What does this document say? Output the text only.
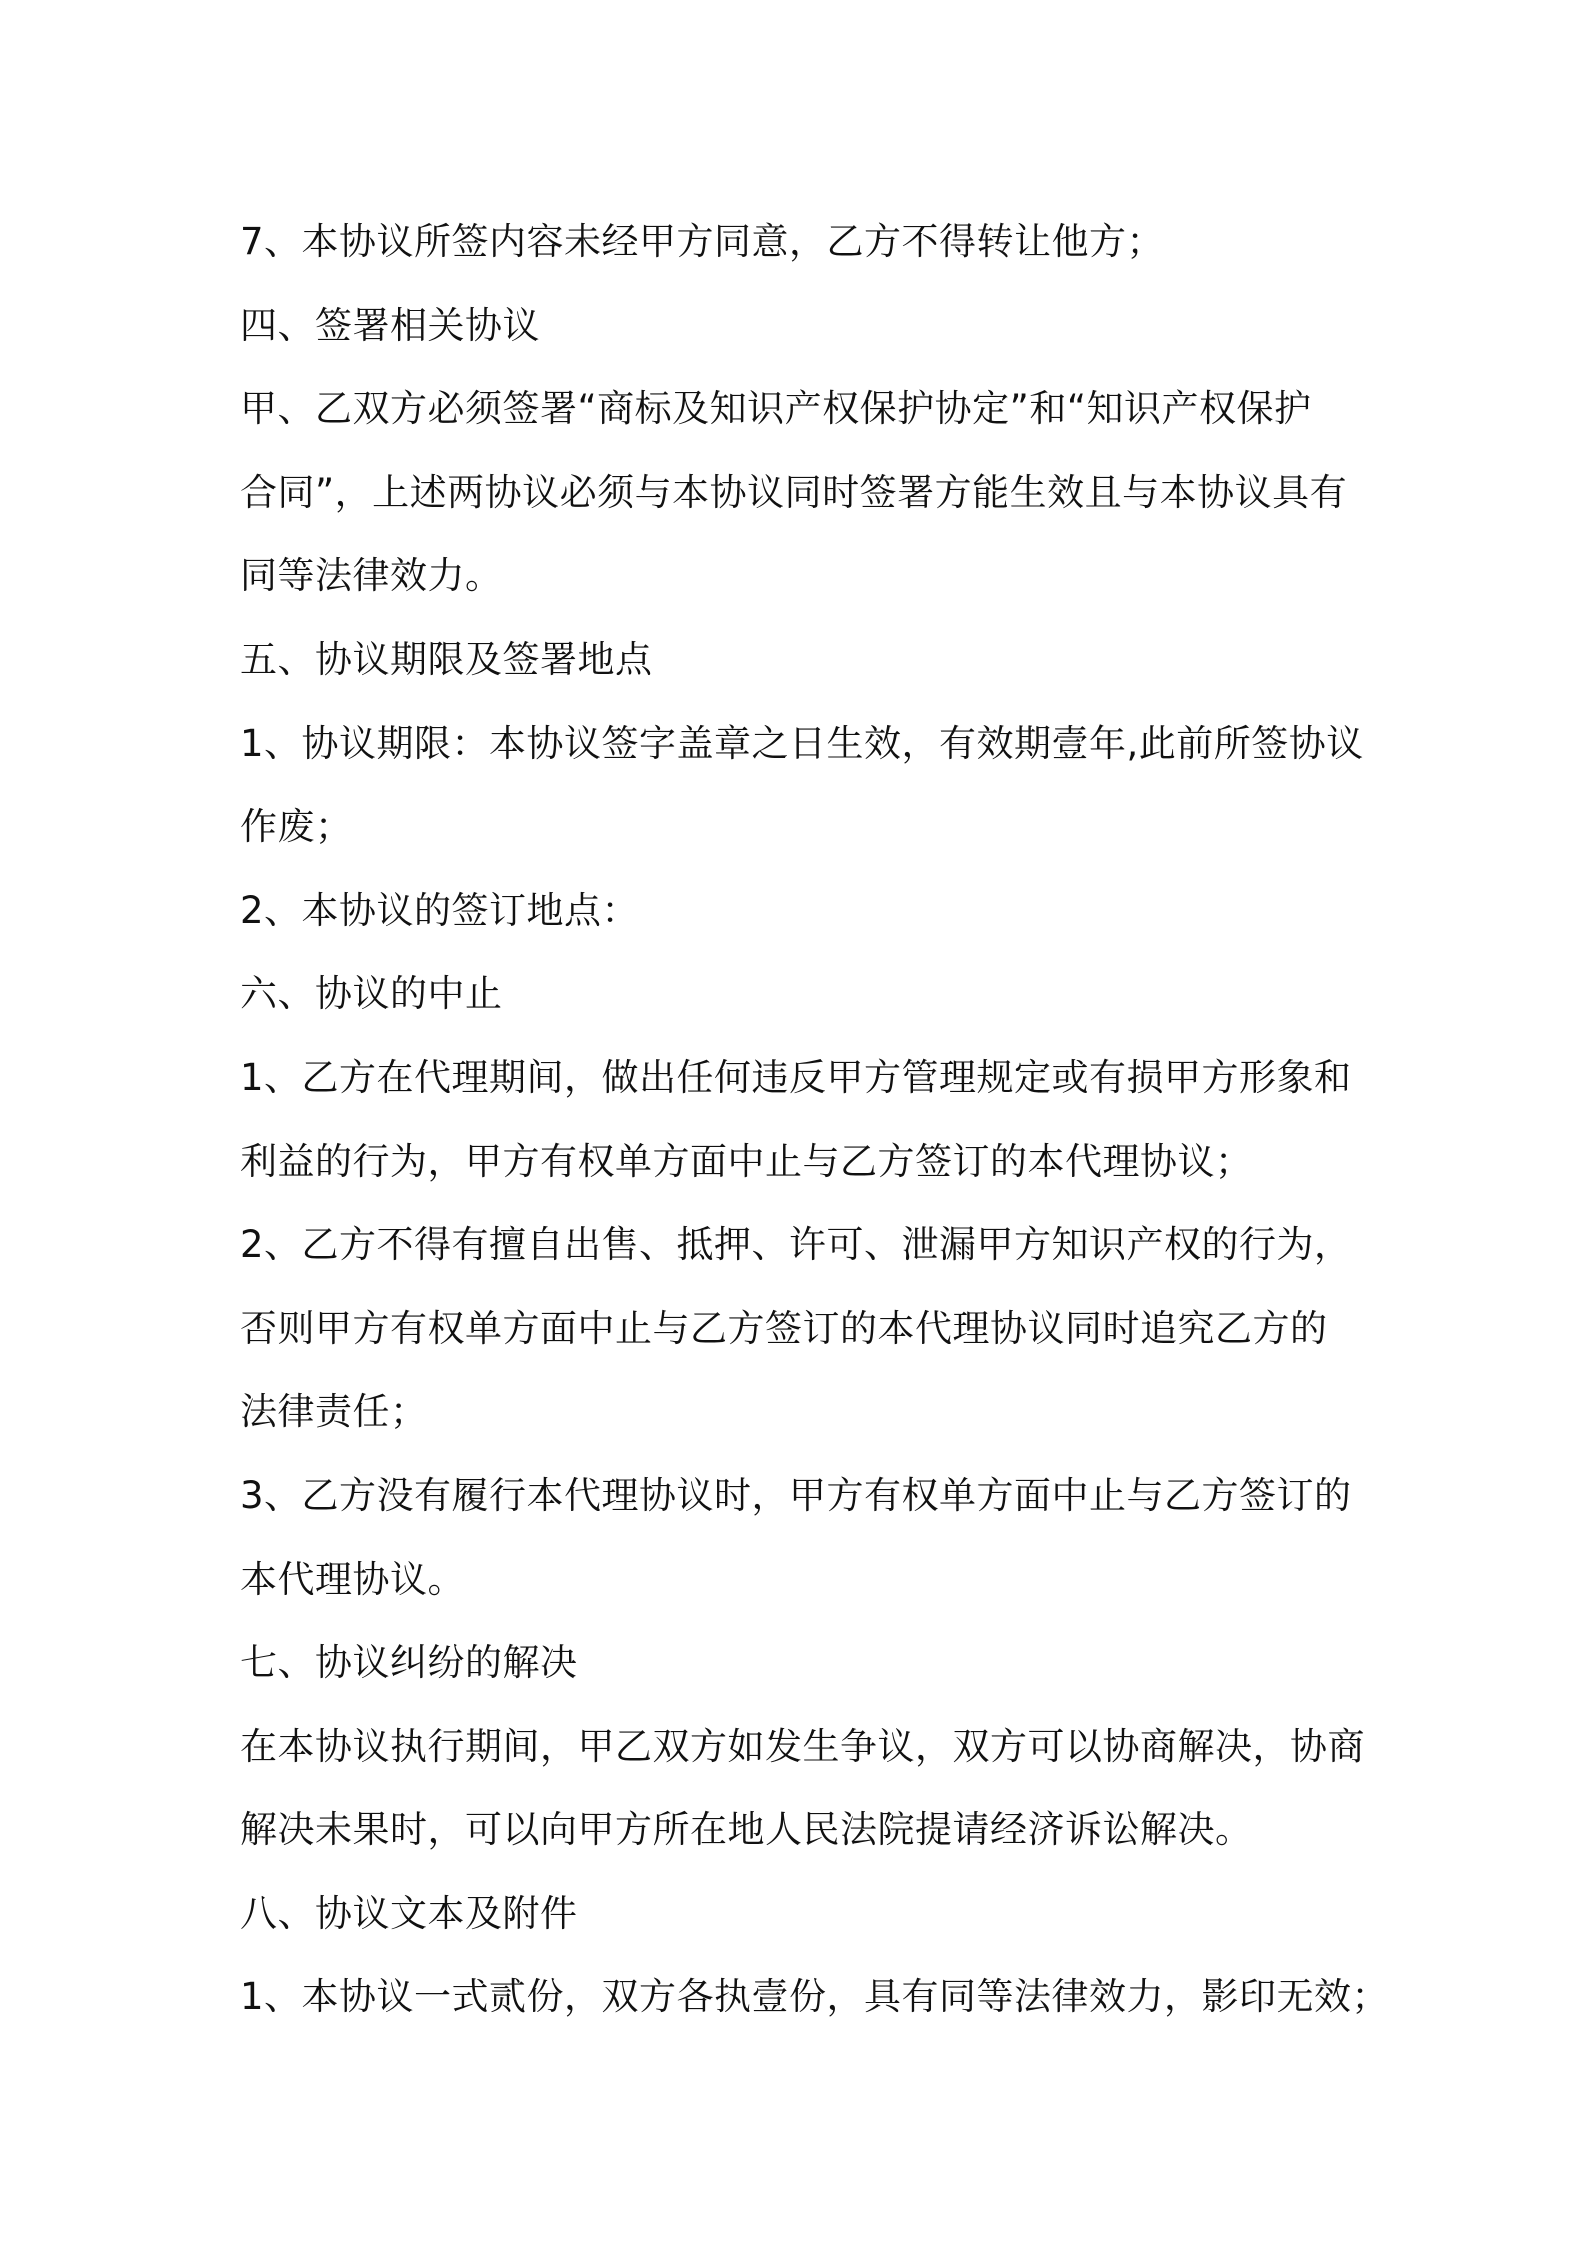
7、本协议所签内容未经甲方同意，乙方不得转让他方；

四、签署相关协议

甲、乙双方必须签署“商标及知识产权保护协定”和“知识产权保护

合同”，上述两协议必须与本协议同时签署方能生效且与本协议具有

同等法律效力。

五、协议期限及签署地点

1、协议期限：本协议签字盖章之日生效，有效期壹年,此前所签协议

作废；

2、本协议的签订地点：

六、协议的中止

1、乙方在代理期间，做出任何违反甲方管理规定或有损甲方形象和

利益的行为，甲方有权单方面中止与乙方签订的本代理协议；

2、乙方不得有擅自出售、抵押、许可、泄漏甲方知识产权的行为，

否则甲方有权单方面中止与乙方签订的本代理协议同时追究乙方的

法律责任；

3、乙方没有履行本代理协议时，甲方有权单方面中止与乙方签订的

本代理协议。

七、协议纠纷的解决

在本协议执行期间，甲乙双方如发生争议，双方可以协商解决，协商

解决未果时，可以向甲方所在地人民法院提请经济诉讼解决。

八、协议文本及附件

1、本协议一式贰份，双方各执壹份，具有同等法律效力，影印无效；
